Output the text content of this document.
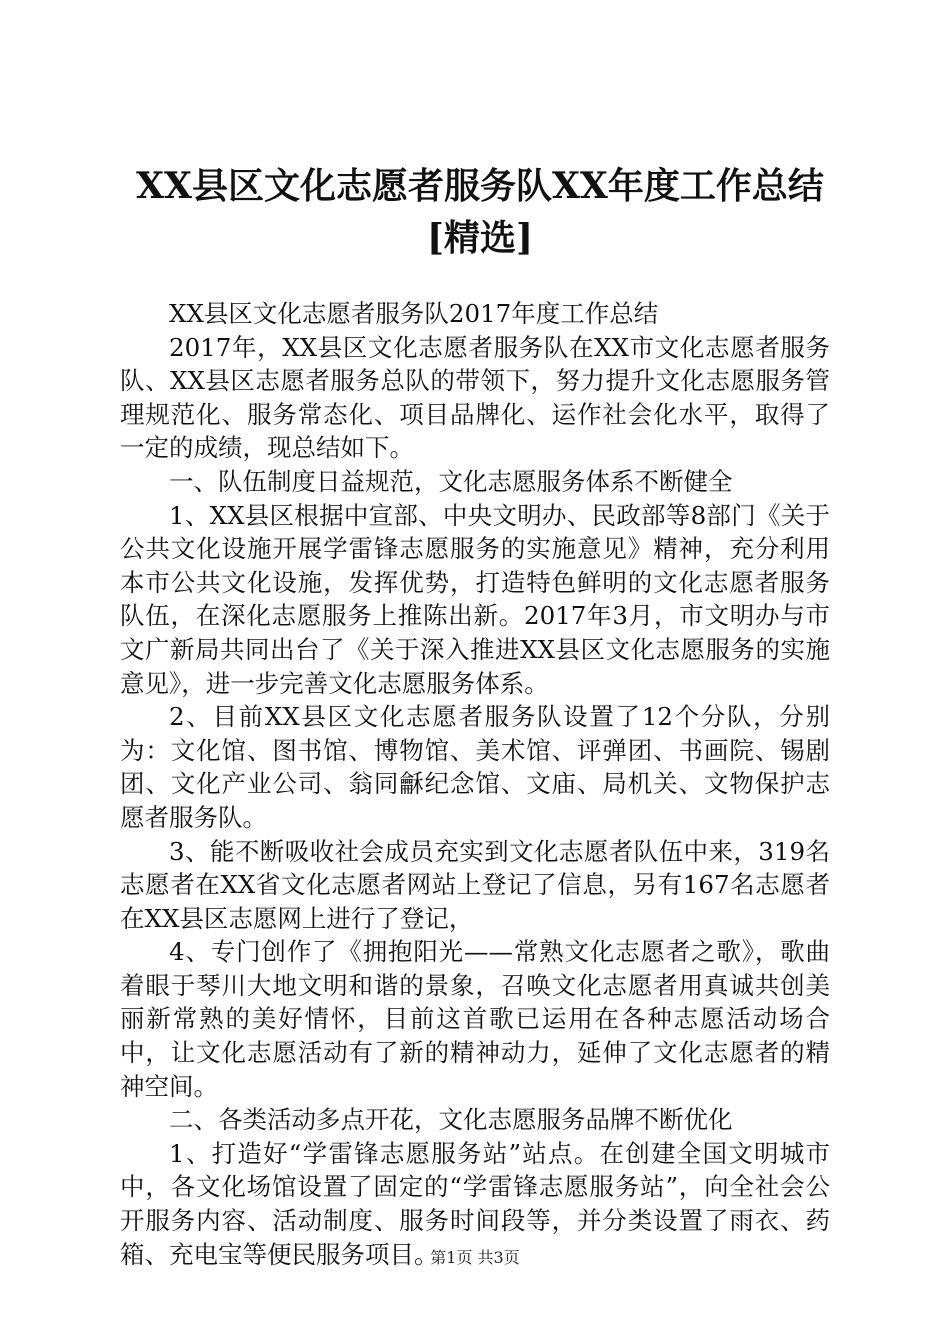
XX县区文化志愿者服务队XX年度工作总结[精选]

XX县区文化志愿者服务队2017年度工作总结

2017年，XX县区文化志愿者服务队在XX市文化志愿者服务队、XX县区志愿者服务总队的带领下，努力提升文化志愿服务管理规范化、服务常态化、项目品牌化、运作社会化水平，取得了一定的成绩，现总结如下。

一、队伍制度日益规范，文化志愿服务体系不断健全

1、XX县区根据中宣部、中央文明办、民政部等8部门《关于公共文化设施开展学雷锋志愿服务的实施意见》精神，充分利用本市公共文化设施，发挥优势，打造特色鲜明的文化志愿者服务队伍，在深化志愿服务上推陈出新。2017年3月，市文明办与市文广新局共同出台了《关于深入推进XX县区文化志愿服务的实施意见》，进一步完善文化志愿服务体系。

2、目前XX县区文化志愿者服务队设置了12个分队，分别为：文化馆、图书馆、博物馆、美术馆、评弹团、书画院、锡剧团、文化产业公司、翁同龢纪念馆、文庙、局机关、文物保护志愿者服务队。

3、能不断吸收社会成员充实到文化志愿者队伍中来，319名志愿者在XX省文化志愿者网站上登记了信息，另有167名志愿者在XX县区志愿网上进行了登记，

4、专门创作了《拥抱阳光——常熟文化志愿者之歌》，歌曲着眼于琴川大地文明和谐的景象，召唤文化志愿者用真诚共创美丽新常熟的美好情怀，目前这首歌已运用在各种志愿活动场合中，让文化志愿活动有了新的精神动力，延伸了文化志愿者的精神空间。

二、各类活动多点开花，文化志愿服务品牌不断优化

1、打造好“学雷锋志愿服务站”站点。在创建全国文明城市中，各文化场馆设置了固定的“学雷锋志愿服务站”，向全社会公开服务内容、活动制度、服务时间段等，并分类设置了雨衣、药箱、充电宝等便民服务项目。

第1页 共3页
